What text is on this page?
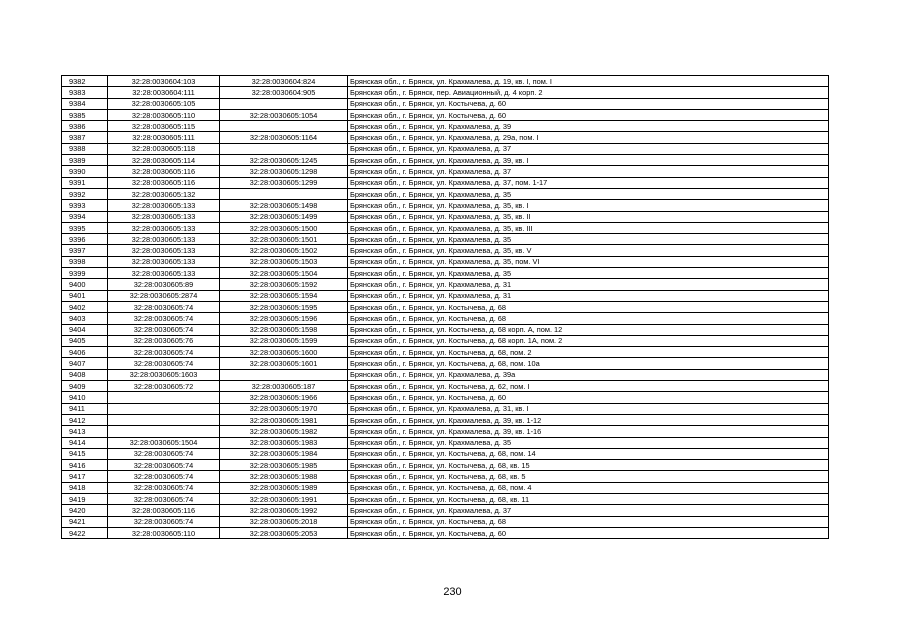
9382	32:28:0030604:103	32:28:0030604:824	Брянская обл., г. Брянск, ул. Крахмалева, д. 19, кв. I, пом. I
9383	32:28:0030604:111	32:28:0030604:905	Брянская обл., г. Брянск, пер. Авиационный, д. 4 корп. 2
9384	32:28:0030605:105		Брянская обл., г. Брянск, ул. Костычева, д. 60
9385	32:28:0030605:110	32:28:0030605:1054	Брянская обл., г. Брянск, ул. Костычева, д. 60
9386	32:28:0030605:115		Брянская обл., г. Брянск, ул. Крахмалева, д. 39
9387	32:28:0030605:111	32:28:0030605:1164	Брянская обл., г. Брянск, ул. Крахмалева, д. 29а, пом. I
9388	32:28:0030605:118		Брянская обл., г. Брянск, ул. Крахмалева, д. 37
9389	32:28:0030605:114	32:28:0030605:1245	Брянская обл., г. Брянск, ул. Крахмалева, д. 39, кв. I
9390	32:28:0030605:116	32:28:0030605:1298	Брянская обл., г. Брянск, ул. Крахмалева, д. 37
9391	32:28:0030605:116	32:28:0030605:1299	Брянская обл., г. Брянск, ул. Крахмалева, д. 37, пом. 1-17
9392	32:28:0030605:132		Брянская обл., г. Брянск, ул. Крахмалева, д. 35
9393	32:28:0030605:133	32:28:0030605:1498	Брянская обл., г. Брянск, ул. Крахмалева, д. 35, кв. I
9394	32:28:0030605:133	32:28:0030605:1499	Брянская обл., г. Брянск, ул. Крахмалева, д. 35, кв. II
9395	32:28:0030605:133	32:28:0030605:1500	Брянская обл., г. Брянск, ул. Крахмалева, д. 35, кв. III
9396	32:28:0030605:133	32:28:0030605:1501	Брянская обл., г. Брянск, ул. Крахмалева, д. 35
9397	32:28:0030605:133	32:28:0030605:1502	Брянская обл., г. Брянск, ул. Крахмалева, д. 35, кв. V
9398	32:28:0030605:133	32:28:0030605:1503	Брянская обл., г. Брянск, ул. Крахмалева, д. 35, пом. VI
9399	32:28:0030605:133	32:28:0030605:1504	Брянская обл., г. Брянск, ул. Крахмалева, д. 35
9400	32:28:0030605:89	32:28:0030605:1592	Брянская обл., г. Брянск, ул. Крахмалева, д. 31
9401	32:28:0030605:2874	32:28:0030605:1594	Брянская обл., г. Брянск, ул. Крахмалева, д. 31
9402	32:28:0030605:74	32:28:0030605:1595	Брянская обл., г. Брянск, ул. Костычева, д. 68
9403	32:28:0030605:74	32:28:0030605:1596	Брянская обл., г. Брянск, ул. Костычева, д. 68
9404	32:28:0030605:74	32:28:0030605:1598	Брянская обл., г. Брянск, ул. Костычева, д. 68 корп. А, пом. 12
9405	32:28:0030605:76	32:28:0030605:1599	Брянская обл., г. Брянск, ул. Костычева, д. 68 корп. 1А, пом. 2
9406	32:28:0030605:74	32:28:0030605:1600	Брянская обл., г. Брянск, ул. Костычева, д. 68, пом. 2
9407	32:28:0030605:74	32:28:0030605:1601	Брянская обл., г. Брянск, ул. Костычева, д. 68, пом. 10а
9408	32:28:0030605:1603		Брянская обл., г. Брянск, ул. Крахмалева, д. 39а
9409	32:28:0030605:72	32:28:0030605:187	Брянская обл., г. Брянск, ул. Костычева, д. 62, пом. I
9410		32:28:0030605:1966	Брянская обл., г. Брянск, ул. Костычева, д. 60
9411		32:28:0030605:1970	Брянская обл., г. Брянск, ул. Крахмалева, д. 31, кв. I
9412		32:28:0030605:1981	Брянская обл., г. Брянск, ул. Крахмалева, д. 39, кв. 1-12
9413		32:28:0030605:1982	Брянская обл., г. Брянск, ул. Крахмалева, д. 39, кв. 1-16
9414	32:28:0030605:1504	32:28:0030605:1983	Брянская обл., г. Брянск, ул. Крахмалева, д. 35
9415	32:28:0030605:74	32:28:0030605:1984	Брянская обл., г. Брянск, ул. Костычева, д. 68, пом. 14
9416	32:28:0030605:74	32:28:0030605:1985	Брянская обл., г. Брянск, ул. Костычева, д. 68, кв. 15
9417	32:28:0030605:74	32:28:0030605:1988	Брянская обл., г. Брянск, ул. Костычева, д. 68, кв. 5
9418	32:28:0030605:74	32:28:0030605:1989	Брянская обл., г. Брянск, ул. Костычева, д. 68, пом. 4
9419	32:28:0030605:74	32:28:0030605:1991	Брянская обл., г. Брянск, ул. Костычева, д. 68, кв. 11
9420	32:28:0030605:116	32:28:0030605:1992	Брянская обл., г. Брянск, ул. Крахмалева, д. 37
9421	32:28:0030605:74	32:28:0030605:2018	Брянская обл., г. Брянск, ул. Костычева, д. 68
9422	32:28:0030605:110	32:28:0030605:2053	Брянская обл., г. Брянск, ул. Костычева, д. 60
230
